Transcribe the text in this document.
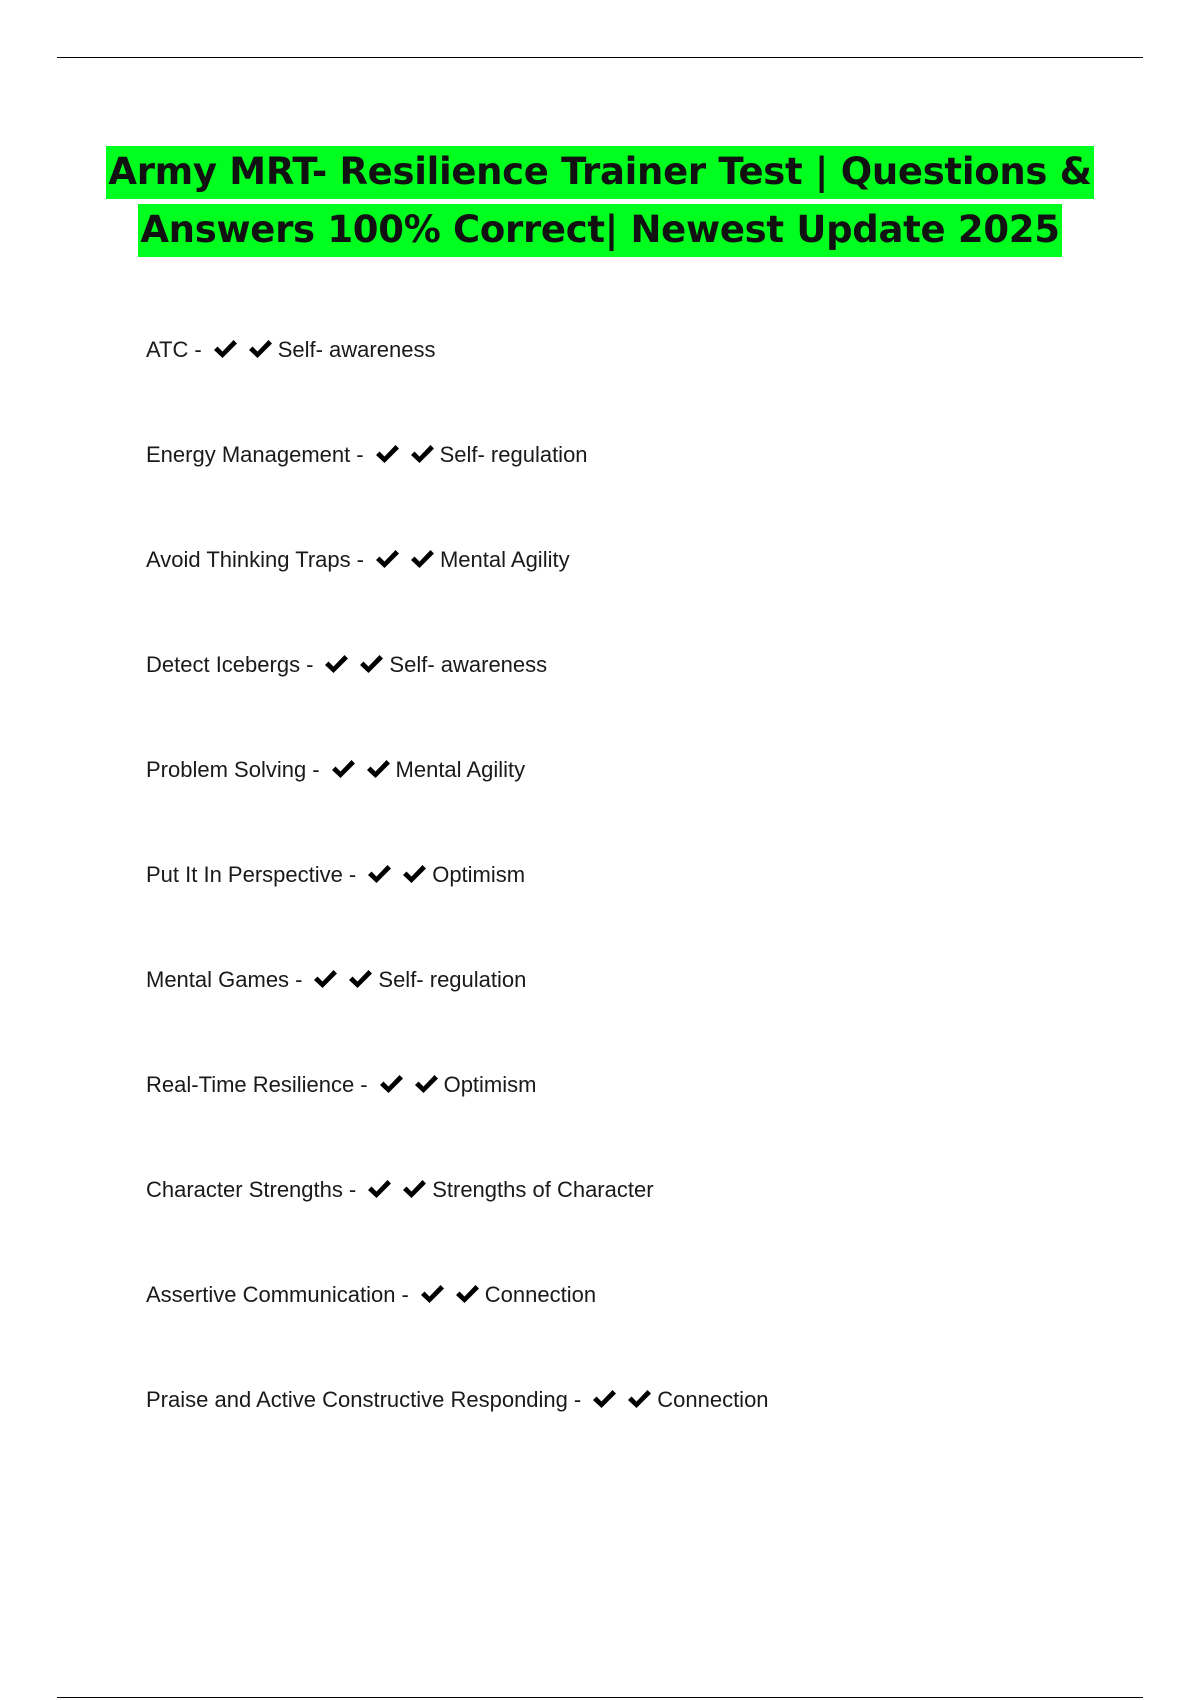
Army MRT- Resilience Trainer Test | Questions &
Answers 100% Correct| Newest Update 2025
ATC -	Self- awareness
Energy Management -	Self- regulation
Avoid Thinking Traps -	Mental Agility
Detect Icebergs -	Self- awareness
Problem Solving -	Mental Agility
Put It In Perspective -	Optimism
Mental Games -	Self- regulation
Real-Time Resilience -	Optimism
Character Strengths -	Strengths of Character
Assertive Communication -	Connection
Praise and Active Constructive Responding -	Connection
